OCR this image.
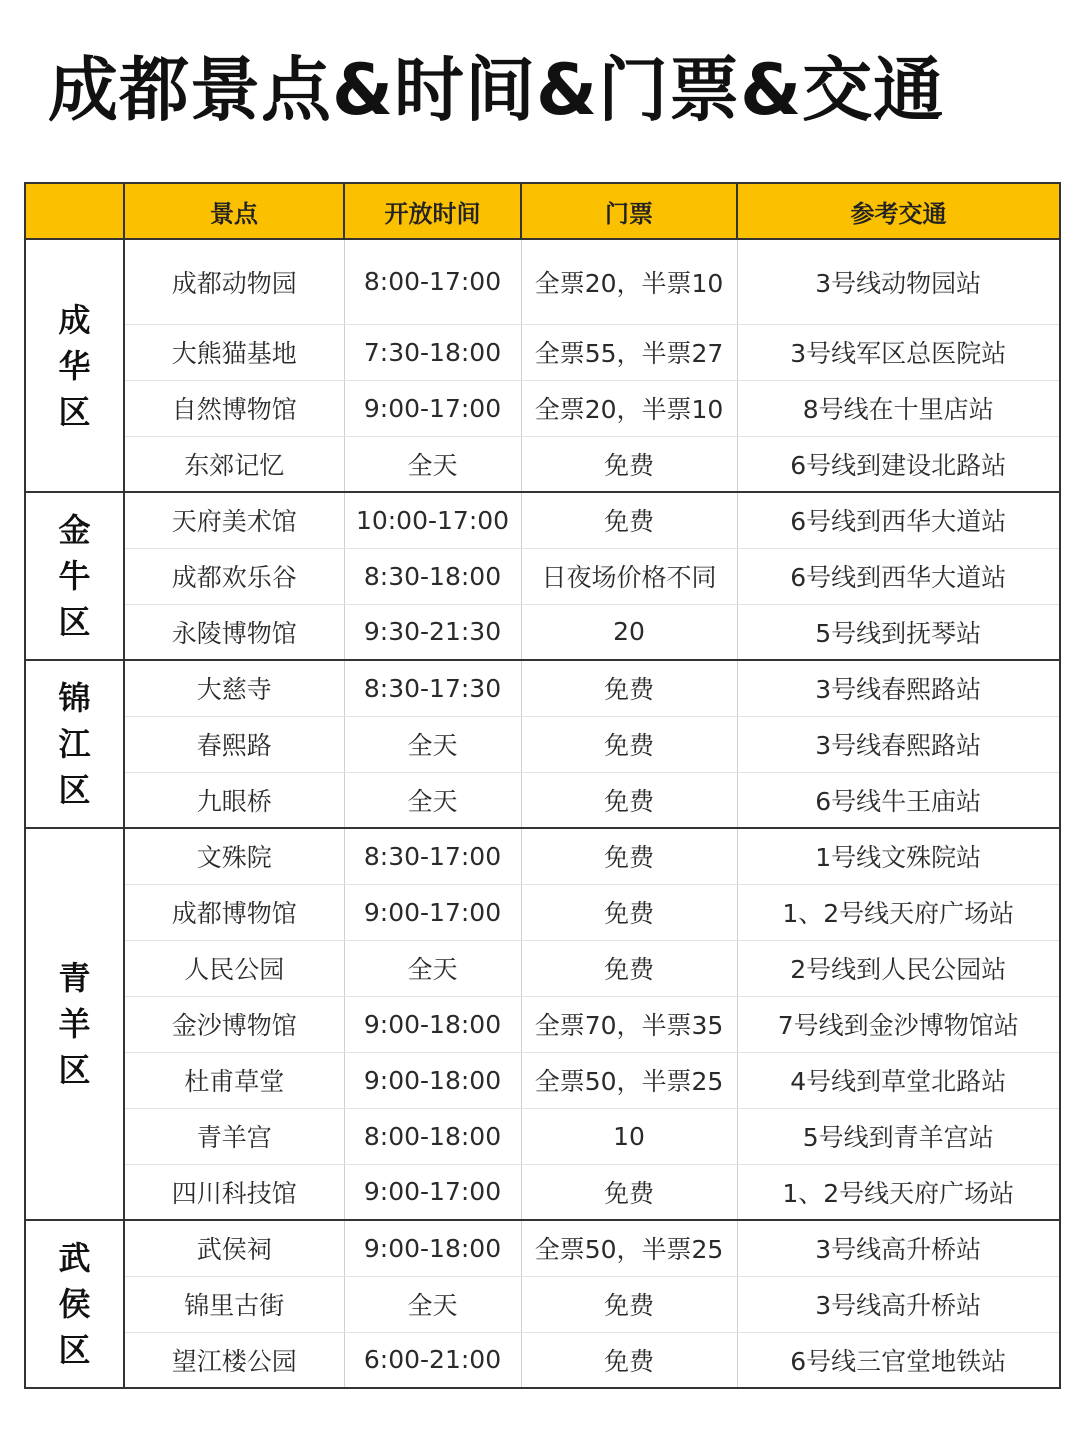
成都景点&时间&门票&交通
	景点	开放时间	门票	参考交通

成
华
区	成都动物园	8:00-17:00	全票20，半票10	3号线动物园站
	大熊猫基地	7:30-18:00	全票55，半票27	3号线军区总医院站
	自然博物馆	9:00-17:00	全票20，半票10	8号线在十里店站
	东郊记忆	全天	免费	6号线到建设北路站

金
牛
区	天府美术馆	10:00-17:00	免费	6号线到西华大道站
	成都欢乐谷	8:30-18:00	日夜场价格不同	6号线到西华大道站
	永陵博物馆	9:30-21:30	20	5号线到抚琴站

锦
江
区	大慈寺	8:30-17:30	免费	3号线春熙路站
	春熙路	全天	免费	3号线春熙路站
	九眼桥	全天	免费	6号线牛王庙站

青
羊
区	文殊院	8:30-17:00	免费	1号线文殊院站
	成都博物馆	9:00-17:00	免费	1、2号线天府广场站
	人民公园	全天	免费	2号线到人民公园站
	金沙博物馆	9:00-18:00	全票70，半票35	7号线到金沙博物馆站
	杜甫草堂	9:00-18:00	全票50，半票25	4号线到草堂北路站
	青羊宫	8:00-18:00	10	5号线到青羊宫站
	四川科技馆	9:00-17:00	免费	1、2号线天府广场站

武
侯
区	武侯祠	9:00-18:00	全票50，半票25	3号线高升桥站
	锦里古街	全天	免费	3号线高升桥站
	望江楼公园	6:00-21:00	免费	6号线三官堂地铁站
